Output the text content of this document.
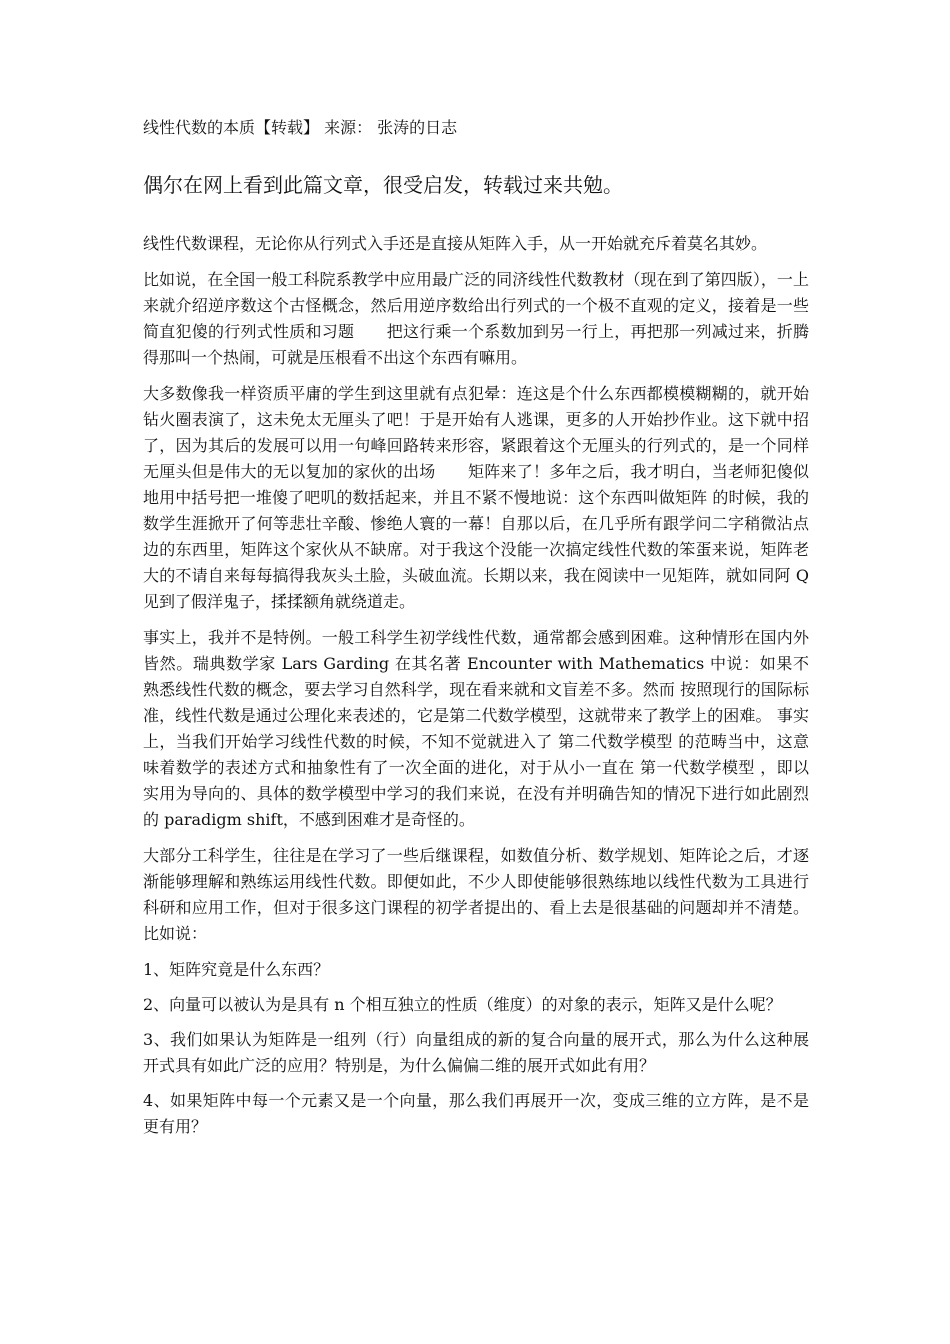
线性代数的本质【转载】 来源： 张涛的日志
偶尔在网上看到此篇文章，很受启发，转载过来共勉。

线性代数课程，无论你从行列式入手还是直接从矩阵入手，从一开始就充斥着莫名其妙。

比如说，在全国一般工科院系教学中应用最广泛的同济线性代数教材（现在到了第四版），一上来就介绍逆序数这个古怪概念，然后用逆序数给出行列式的一个极不直观的定义，接着是一些简直犯傻的行列式性质和习题　　把这行乘一个系数加到另一行上，再把那一列减过来，折腾得那叫一个热闹，可就是压根看不出这个东西有嘛用。

大多数像我一样资质平庸的学生到这里就有点犯晕：连这是个什么东西都模模糊糊的，就开始钻火圈表演了，这未免太无厘头了吧！于是开始有人逃课，更多的人开始抄作业。这下就中招了，因为其后的发展可以用一句峰回路转来形容，紧跟着这个无厘头的行列式的，是一个同样无厘头但是伟大的无以复加的家伙的出场　　矩阵来了！多年之后，我才明白，当老师犯傻似地用中括号把一堆傻了吧叽的数括起来，并且不紧不慢地说：这个东西叫做矩阵 的时候，我的数学生涯掀开了何等悲壮辛酸、惨绝人寰的一幕！自那以后，在几乎所有跟学问二字稍微沾点边的东西里，矩阵这个家伙从不缺席。对于我这个没能一次搞定线性代数的笨蛋来说，矩阵老大的不请自来每每搞得我灰头土脸，头破血流。长期以来，我在阅读中一见矩阵，就如同阿 Q 见到了假洋鬼子，揉揉额角就绕道走。

事实上，我并不是特例。一般工科学生初学线性代数，通常都会感到困难。这种情形在国内外皆然。瑞典数学家 Lars Garding 在其名著 Encounter with Mathematics 中说：如果不熟悉线性代数的概念，要去学习自然科学，现在看来就和文盲差不多。然而 按照现行的国际标准，线性代数是通过公理化来表述的，它是第二代数学模型，这就带来了教学上的困难。 事实上，当我们开始学习线性代数的时候，不知不觉就进入了 第二代数学模型 的范畴当中，这意味着数学的表述方式和抽象性有了一次全面的进化，对于从小一直在 第一代数学模型 ，即以实用为导向的、具体的数学模型中学习的我们来说，在没有并明确告知的情况下进行如此剧烈的 paradigm shift，不感到困难才是奇怪的。

大部分工科学生，往往是在学习了一些后继课程，如数值分析、数学规划、矩阵论之后，才逐渐能够理解和熟练运用线性代数。即便如此，不少人即使能够很熟练地以线性代数为工具进行科研和应用工作，但对于很多这门课程的初学者提出的、看上去是很基础的问题却并不清楚。比如说：

1、矩阵究竟是什么东西？

2、向量可以被认为是具有 n 个相互独立的性质（维度）的对象的表示，矩阵又是什么呢？

3、我们如果认为矩阵是一组列（行）向量组成的新的复合向量的展开式，那么为什么这种展开式具有如此广泛的应用？特别是，为什么偏偏二维的展开式如此有用？

4、如果矩阵中每一个元素又是一个向量，那么我们再展开一次，变成三维的立方阵，是不是更有用？
